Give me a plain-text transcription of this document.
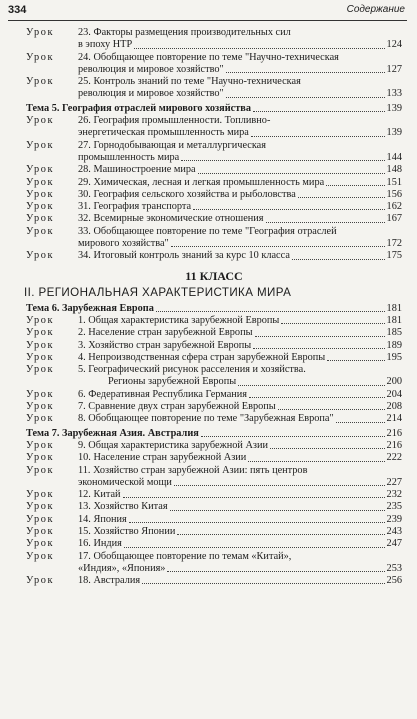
334	Содержание
Урок	23. Факторы размещения производительных сил
в эпоху НТР	124
Урок	24. Обобщающее повторение по теме "Научно-техническая
революция и мировое хозяйство"	127
Урок	25. Контроль знаний по теме "Научно-техническая
революция и мировое хозяйство"	133
Тема 5. География отраслей мирового хозяйства	139
Урок	26. География промышленности. Топливно-
энергетическая промышленность мира	139
Урок	27. Горнодобывающая и металлургическая
промышленность мира	144
Урок	28. Машиностроение мира	148
Урок	29. Химическая, лесная и легкая промышленность мира	151
Урок	30. География сельского хозяйства и рыболовства	156
Урок	31. География транспорта	162
Урок	32. Всемирные экономические отношения	167
Урок	33. Обобщающее повторение по теме "География отраслей
мирового хозяйства"	172
Урок	34. Итоговый контроль знаний за курс 10 класса	175
11 КЛАСС
II. РЕГИОНАЛЬНАЯ ХАРАКТЕРИСТИКА МИРА
Тема 6. Зарубежная Европа	181
Урок	1. Общая характеристика зарубежной Европы	181
Урок	2. Население стран зарубежной Европы	185
Урок	3. Хозяйство стран зарубежной Европы	189
Урок	4. Непроизводственная сфера стран зарубежной Европы	195
Урок	5. Географический рисунок расселения и хозяйства.
Регионы зарубежной Европы	200
Урок	6. Федеративная Республика Германия	204
Урок	7. Сравнение двух стран зарубежной Европы	208
Урок	8. Обобщающее повторение по теме "Зарубежная Европа"	214
Тема 7. Зарубежная Азия. Австралия	216
Урок	9. Общая характеристика зарубежной Азии	216
Урок	10. Население стран зарубежной Азии	222
Урок	11. Хозяйство стран зарубежной Азии: пять центров
экономической мощи	227
Урок	12. Китай	232
Урок	13. Хозяйство Китая	235
Урок	14. Япония	239
Урок	15. Хозяйство Японии	243
Урок	16. Индия	247
Урок	17. Обобщающее повторение по темам «Китай»,
«Индия», «Япония»	253
Урок	18. Австралия	256
